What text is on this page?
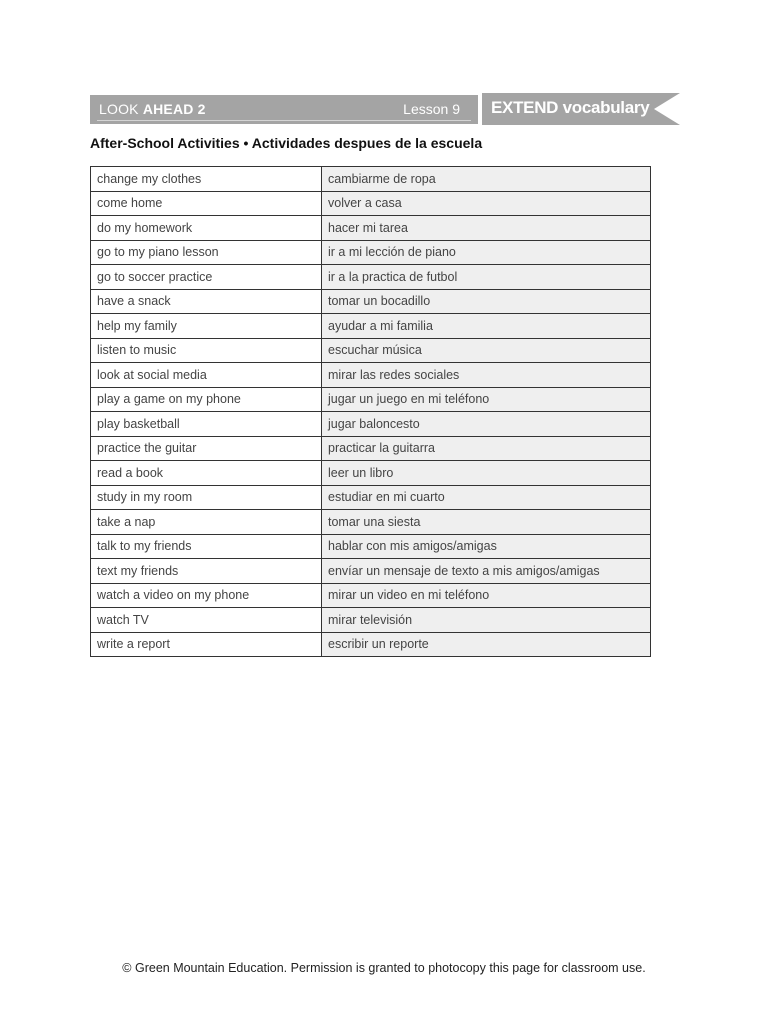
LOOK AHEAD 2	Lesson 9 EXTEND vocabulary
After-School Activities • Actividades despues de la escuela
change my clothes	cambiarme de ropa
come home	volver a casa
do my homework	hacer mi tarea
go to my piano lesson	ir a mi lección de piano
go to soccer practice	ir a la practica de futbol
have a snack	tomar un bocadillo
help my family	ayudar a mi familia
listen to music	escuchar música
look at social media	mirar las redes sociales
play a game on my phone	jugar un juego en mi teléfono
play basketball	jugar baloncesto
practice the guitar	practicar la guitarra
read a book	leer un libro
study in my room	estudiar en mi cuarto
take a nap	tomar una siesta
talk to my friends	hablar con mis amigos/amigas
text my friends	envíar un mensaje de texto a mis amigos/amigas
watch a video on my phone	mirar un video en mi teléfono
watch TV	mirar televisión
write a report	escribir un reporte
© Green Mountain Education. Permission is granted to photocopy this page for classroom use.
